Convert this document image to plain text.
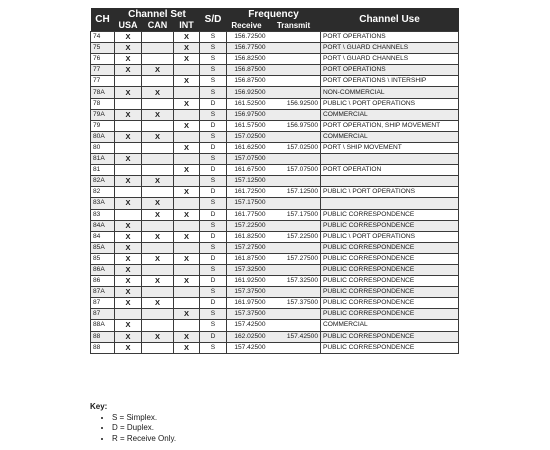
CH	Channel Set			S/D	Frequency		Channel Use
	USA	CAN	INT		Receive	Transmit	
74	X		X	S	156.72500		PORT OPERATIONS
75	X		X	S	156.77500		PORT \ GUARD CHANNELS
76	X		X	S	156.82500		PORT \ GUARD CHANNELS
77	X	X		S	156.87500		PORT OPERATIONS
77			X	S	156.87500		PORT OPERATIONS \ INTERSHIP
78A	X	X		S	156.92500		NON-COMMERCIAL
78			X	D	161.52500	156.92500	PUBLIC \ PORT OPERATIONS
79A	X	X		S	156.97500		COMMERCIAL
79			X	D	161.57500	156.97500	PORT OPERATION, SHIP MOVEMENT
80A	X	X		S	157.02500		COMMERCIAL
80			X	D	161.62500	157.02500	PORT \ SHIP MOVEMENT
81A	X			S	157.07500		
81			X	D	161.67500	157.07500	PORT OPERATION
82A	X	X		S	157.12500		
82			X	D	161.72500	157.12500	PUBLIC \ PORT OPERATIONS
83A	X	X		S	157.17500		
83		X	X	D	161.77500	157.17500	PUBLIC CORRESPONDENCE
84A	X			S	157.22500		PUBLIC CORRESPONDENCE
84	X	X	X	D	161.82500	157.22500	PUBLIC \ PORT OPERATIONS
85A	X			S	157.27500		PUBLIC CORRESPONDENCE
85	X	X	X	D	161.87500	157.27500	PUBLIC CORRESPONDENCE
86A	X			S	157.32500		PUBLIC CORRESPONDENCE
86	X	X	X	D	161.92500	157.32500	PUBLIC CORRESPONDENCE
87A	X			S	157.37500		PUBLIC CORRESPONDENCE
87	X	X		D	161.97500	157.37500	PUBLIC CORRESPONDENCE
87			X	S	157.37500		PUBLIC CORRESPONDENCE
88A	X			S	157.42500		COMMERCIAL
88	X	X	X	D	162.02500	157.42500	PUBLIC CORRESPONDENCE
88	X		X	S	157.42500		PUBLIC CORRESPONDENCE
Key:
• S = Simplex.
• D = Duplex.
• R = Receive Only.
